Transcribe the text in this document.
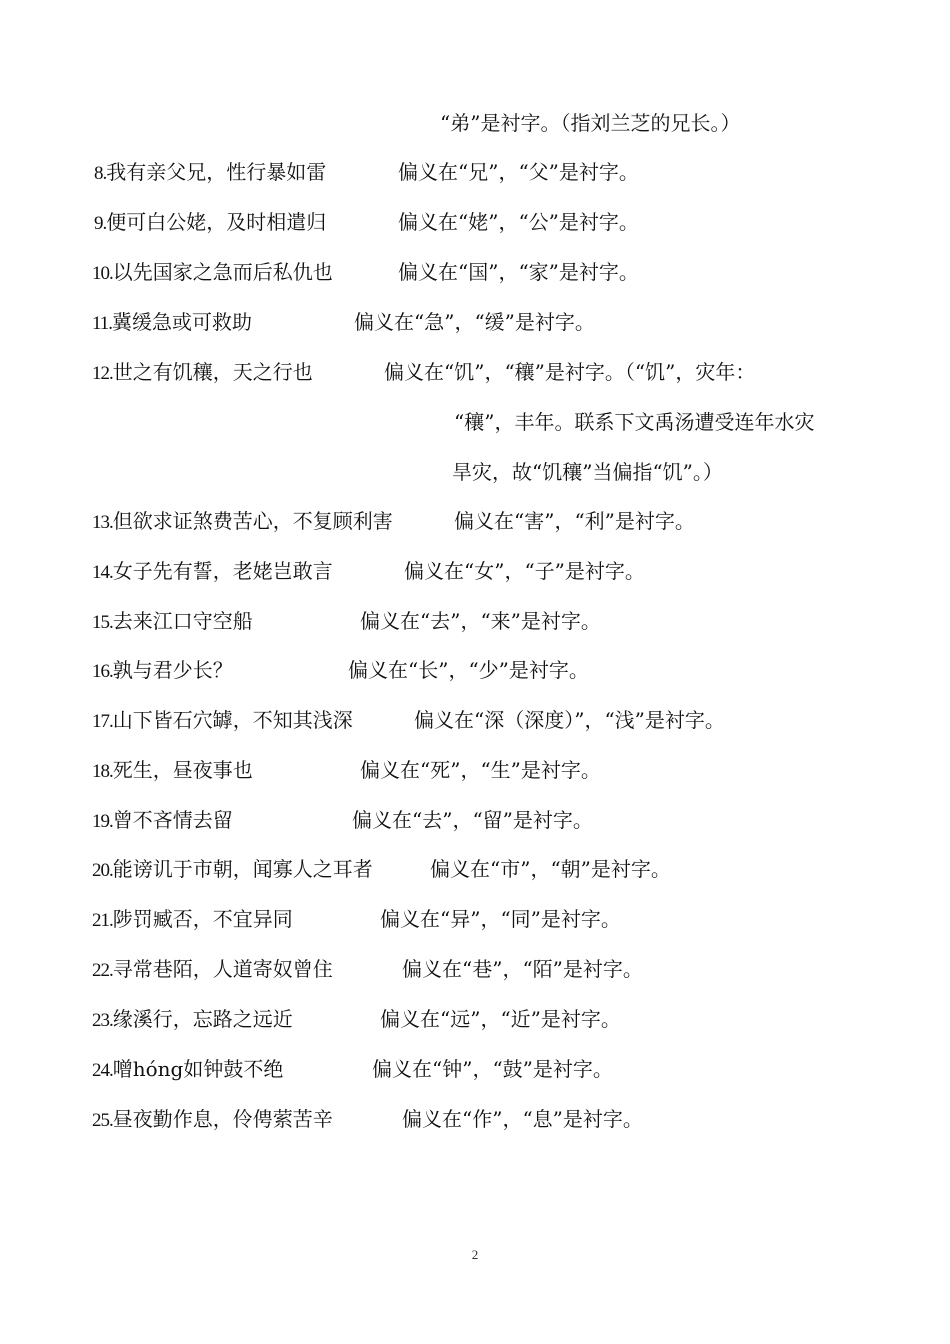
“弟”是衬字。（指刘兰芝的兄长。）
8.我有亲父兄，性行暴如雷	偏义在“兄”，“父”是衬字。
9.便可白公姥，及时相遣归	偏义在“姥”，“公”是衬字。
10.以先国家之急而后私仇也	偏义在“国”，“家”是衬字。
11.冀缓急或可救助	偏义在“急”，“缓”是衬字。
12.世之有饥穰，天之行也	偏义在“饥”，“穰”是衬字。（“饥”，灾年：
“穰”，丰年。联系下文禹汤遭受连年水灾
旱灾，故“饥穰”当偏指“饥”。）
13.但欲求证煞费苦心，不复顾利害	偏义在“害”，“利”是衬字。
14.女子先有誓，老姥岂敢言	偏义在“女”，“子”是衬字。
15.去来江口守空船	偏义在“去”，“来”是衬字。
16.孰与君少长？	偏义在“长”，“少”是衬字。
17.山下皆石穴罅，不知其浅深	偏义在“深（深度）”，“浅”是衬字。
18.死生，昼夜事也	偏义在“死”，“生”是衬字。
19.曾不吝情去留	偏义在“去”，“留”是衬字。
20.能谤讥于市朝，闻寡人之耳者	偏义在“市”，“朝”是衬字。
21.陟罚臧否，不宜异同	偏义在“异”，“同”是衬字。
22.寻常巷陌，人道寄奴曾住	偏义在“巷”，“陌”是衬字。
23.缘溪行，忘路之远近	偏义在“远”，“近”是衬字。
24.噌hóng如钟鼓不绝	偏义在“钟”，“鼓”是衬字。
25.昼夜勤作息，伶俜萦苦辛	偏义在“作”，“息”是衬字。
2
